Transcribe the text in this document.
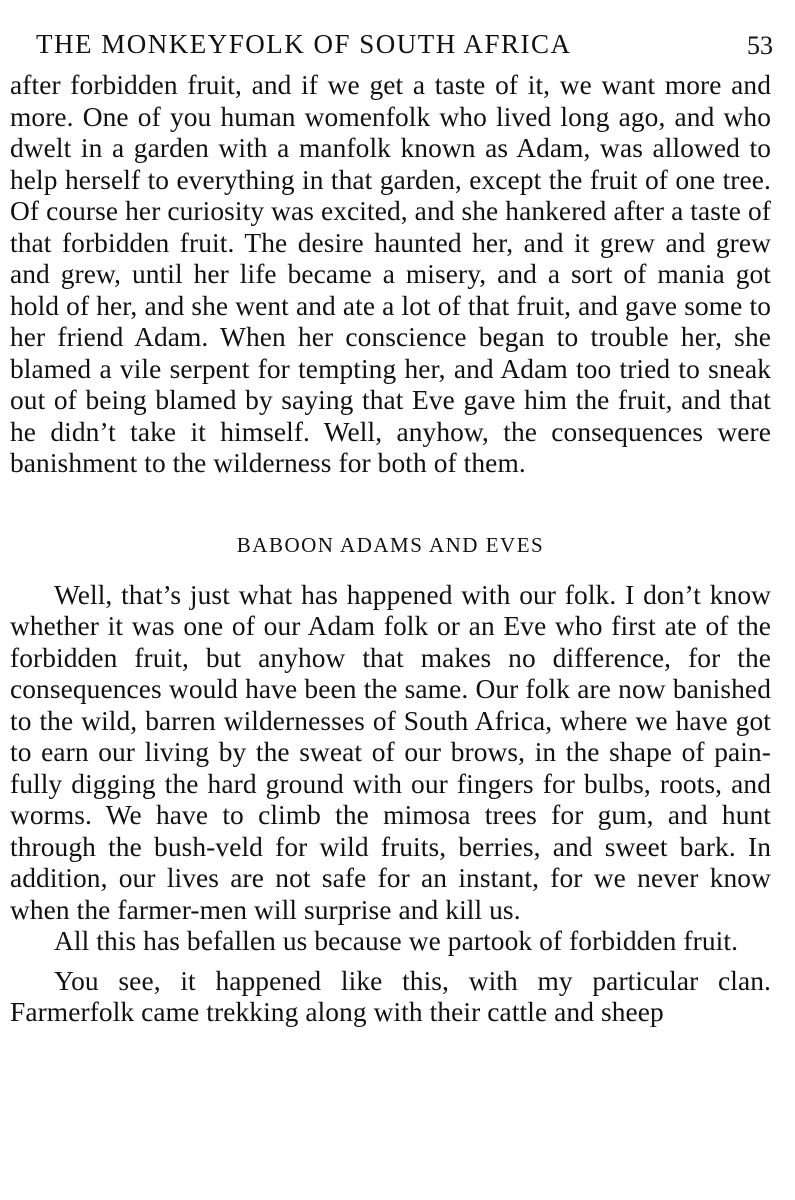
THE MONKEYFOLK OF SOUTH AFRICA	53

after forbidden fruit, and if we get a taste of it, we want more and more. One of you human womenfolk who lived long ago, and who dwelt in a garden with a manfolk known as Adam, was allowed to help herself to everything in that garden, except the fruit of one tree. Of course her curiosity was excited, and she hankered after a taste of that forbidden fruit. The desire haunted her, and it grew and grew and grew, until her life became a misery, and a sort of mania got hold of her, and she went and ate a lot of that fruit, and gave some to her friend Adam. When her conscience began to trouble her, she blamed a vile serpent for tempting her, and Adam too tried to sneak out of being blamed by saying that Eve gave him the fruit, and that he didn’t take it himself. Well, anyhow, the consequences were banishment to the wilderness for both of them.

BABOON ADAMS AND EVES

Well, that’s just what has happened with our folk. I don’t know whether it was one of our Adam folk or an Eve who first ate of the forbidden fruit, but anyhow that makes no difference, for the consequences would have been the same. Our folk are now banished to the wild, barren wildernesses of South Africa, where we have got to earn our living by the sweat of our brows, in the shape of pain-fully digging the hard ground with our fingers for bulbs, roots, and worms. We have to climb the mimosa trees for gum, and hunt through the bush-veld for wild fruits, berries, and sweet bark. In addition, our lives are not safe for an instant, for we never know when the farmer-men will surprise and kill us.

All this has befallen us because we partook of forbidden fruit.

You see, it happened like this, with my particular clan. Farmerfolk came trekking along with their cattle and sheep
